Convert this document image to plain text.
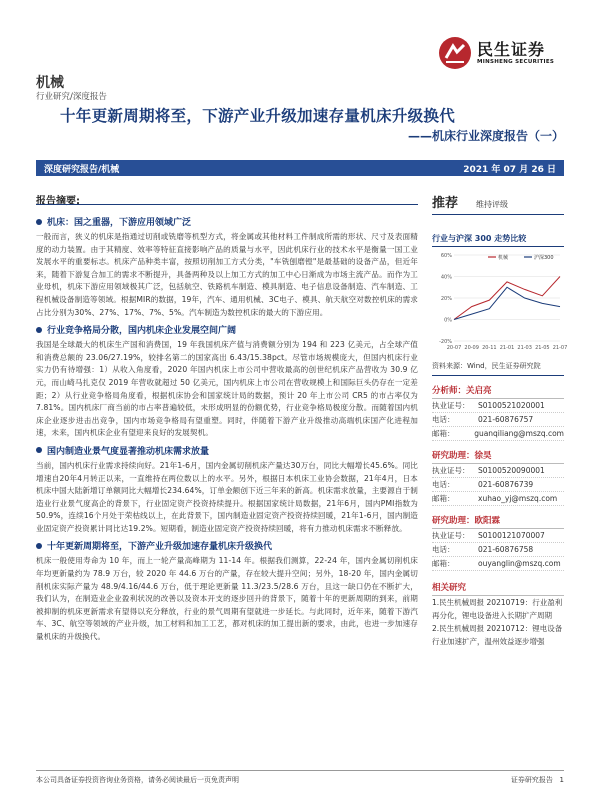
民生证券
MINSHENG SECURITIES
机械
行业研究/深度报告
十年更新周期将至，下游产业升级加速存量机床升级换代
——机床行业深度报告（一）
深度研究报告/机械	2021 年 07 月 26 日
报告摘要:
机床：国之重器，下游应用领域广泛

一般而言，狭义的机床是指通过切削或铣磨等机型方式，将金属或其他材料工件制成所需的形状、尺寸及表面精度的动力装置。由于其精度、效率等特征直接影响产品的质量与水平，因此机床行业的技术水平是衡量一国工业发展水平的重要标志。机床产品种类丰富，按照切削加工方式分类，"车铣刨磨镗"是最基础的设备产品，但近年来，随着下游复合加工的需求不断提升，具备两种及以上加工方式的加工中心日渐成为市场主流产品。而作为工业母机，机床下游应用领域极其广泛，包括航空、铁路机车制造、模具制造、电子信息设备制造、汽车制造、工程机械设备制造等领域。根据MIR的数据，19年，汽车、通用机械、3C电子、模具、航天航空对数控机床的需求占比分别为30%、27%、17%、7%、5%。汽车制造为数控机床的最大的下游应用。

行业竞争格局分散，国内机床企业发展空间广阔

我国是全球最大的机床生产国和消费国，19 年我国机床产值与消费额分别为 194 和 223 亿美元，占全球产值和消费总额的 23.06/27.19%，较排名第二的国家高出 6.43/15.38pct。尽管市场规模庞大，但国内机床行业实力仍有待增强：1）从收入角度看，2020 年国内机床上市公司中营收最高的创世纪机床产品营收为 30.9 亿元，而山崎马扎克仅 2019 年营收就超过 50 亿美元，国内机床上市公司在营收规模上和国际巨头仍存在一定差距；2）从行业竞争格局角度看，根据机床协会和国家统计局的数据，预计 20 年上市公司 CR5 的市占率仅为 7.81%。国内机床厂商当前的市占率普遍较低，未形成明显的份额优势，行业竞争格局极度分散。而随着国内机床企业逐步进击出竞争，国内市场竞争格局有望重塑。同时，伴随着下游产业升级推动高端机床国产化进程加速，未来，国内机床企业有望迎来良好的发展契机。

国内制造业景气度显著推动机床需求放量

当前，国内机床行业需求持续向好。21年1-6月，国内金属切削机床产量达30万台，同比大幅增长45.6%。同比增速自20年4月转正以来，一直维持在两位数以上的水平。另外，根据日本机床工业协会数据，21年4月，日本机床中国大陆新增订单额同比大幅增长234.64%，订单金额创下近三年来的新高。机床需求放量，主要源自于制造业行业景气度高企的背景下，行业固定资产投资持续提升。根据国家统计局数据，21年6月，国内PMI指数为50.9%，连续16个月处于荣枯线以上，在此背景下，国内制造业固定资产投资持续回暖，21年1-6月，国内制造业固定资产投资累计同比达19.2%。短期看，制造业固定资产投资持续回暖，将有力推动机床需求不断释放。

十年更新周期将至，下游产业升级加速存量机床升级换代

机床一般使用寿命为 10 年，而上一轮产量高峰期为 11-14 年。根据我们测算，22-24 年，国内金属切削机床年均更新量约为 78.9 万台，较 2020 年 44.6 万台的产量，存在较大提升空间；另外，18-20 年，国内金属切削机床实际产量为 48.9/4.16/44.6 万台，低于理论更新量 11.3/23.5/28.6 万台，且这一缺口仍在不断扩大，我们认为，在制造业企业盈利状况的改善以及资本开支的逐步回升的背景下，随着十年的更新周期的到来，前期被抑制的机床更新需求有望得以充分释放，行业的景气周期有望就进一步延长。与此同时，近年来，随着下游汽车、3C、航空等领域的产业升级，加工材料和加工工艺，都对机床的加工提出新的要求，由此，也进一步加速存量机床的升级换代。

推荐 维持评级
行业与沪深 300 走势比较
60%
40%
20%
0%
-20%
20-07 20-09 20-11 21-01 21-03 21-05 21-07
机械	沪深300
资料来源：Wind，民生证券研究院
分析师：关启亮
执业证号：	S0100521020001
电话：	021-60876757
邮箱：	guanqiliang@mszq.com
研究助理：徐昊
执业证号：	S0100520090001
电话：	021-60876739
邮箱：	xuhao_yj@mszq.com
研究助理：欧阳霖
执业证号：	S0100121070007
电话：	021-60876758
邮箱：	ouyanglin@mszq.com
相关研究
1.民生机械周报 20210719：行业盈利再分化，锂电设备进入长期扩产周期
2.民生机械周报 20210712：锂电设备行业加速扩产，温州效益逐步增强
本公司具备证券投资咨询业务资格，请务必阅读最后一页免责声明	证券研究报告 1
